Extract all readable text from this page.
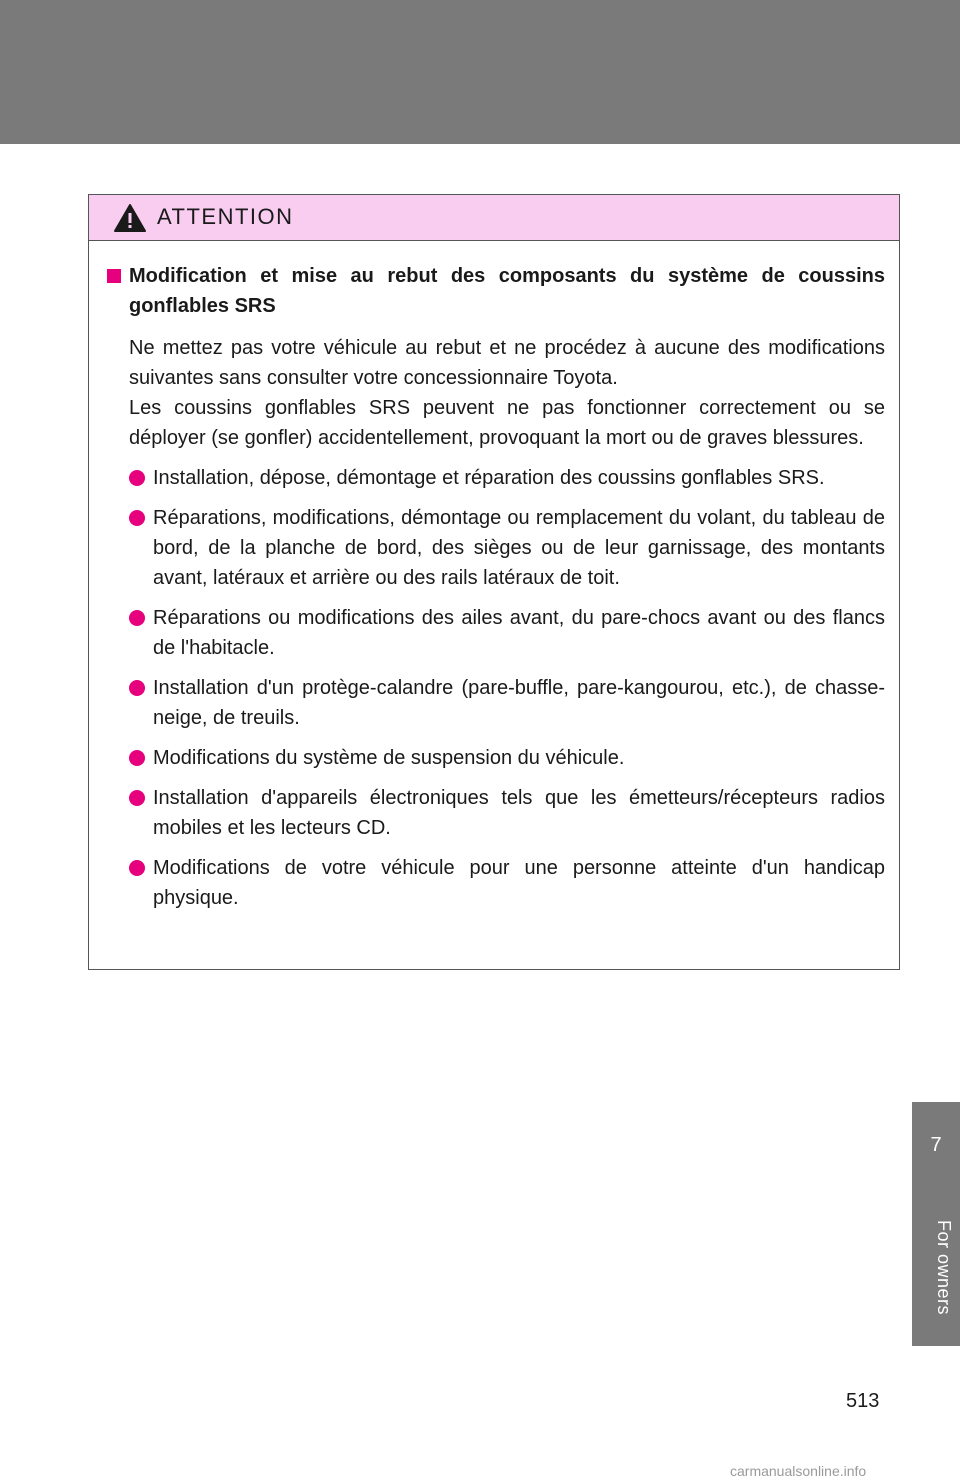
ATTENTION
Modification et mise au rebut des composants du système de coussins gonflables SRS
Ne mettez pas votre véhicule au rebut et ne procédez à aucune des modifications suivantes sans consulter votre concessionnaire Toyota.
Les coussins gonflables SRS peuvent ne pas fonctionner correctement ou se déployer (se gonfler) accidentellement, provoquant la mort ou de graves blessures.
Installation, dépose, démontage et réparation des coussins gonflables SRS.
Réparations, modifications, démontage ou remplacement du volant, du tableau de bord, de la planche de bord, des sièges ou de leur garnissage, des montants avant, latéraux et arrière ou des rails latéraux de toit.
Réparations ou modifications des ailes avant, du pare-chocs avant ou des flancs de l'habitacle.
Installation d'un protège-calandre (pare-buffle, pare-kangourou, etc.), de chasse-neige, de treuils.
Modifications du système de suspension du véhicule.
Installation d'appareils électroniques tels que les émetteurs/récepteurs radios mobiles et les lecteurs CD.
Modifications de votre véhicule pour une personne atteinte d'un handicap physique.
7
For owners
513
carmanualsonline.info
